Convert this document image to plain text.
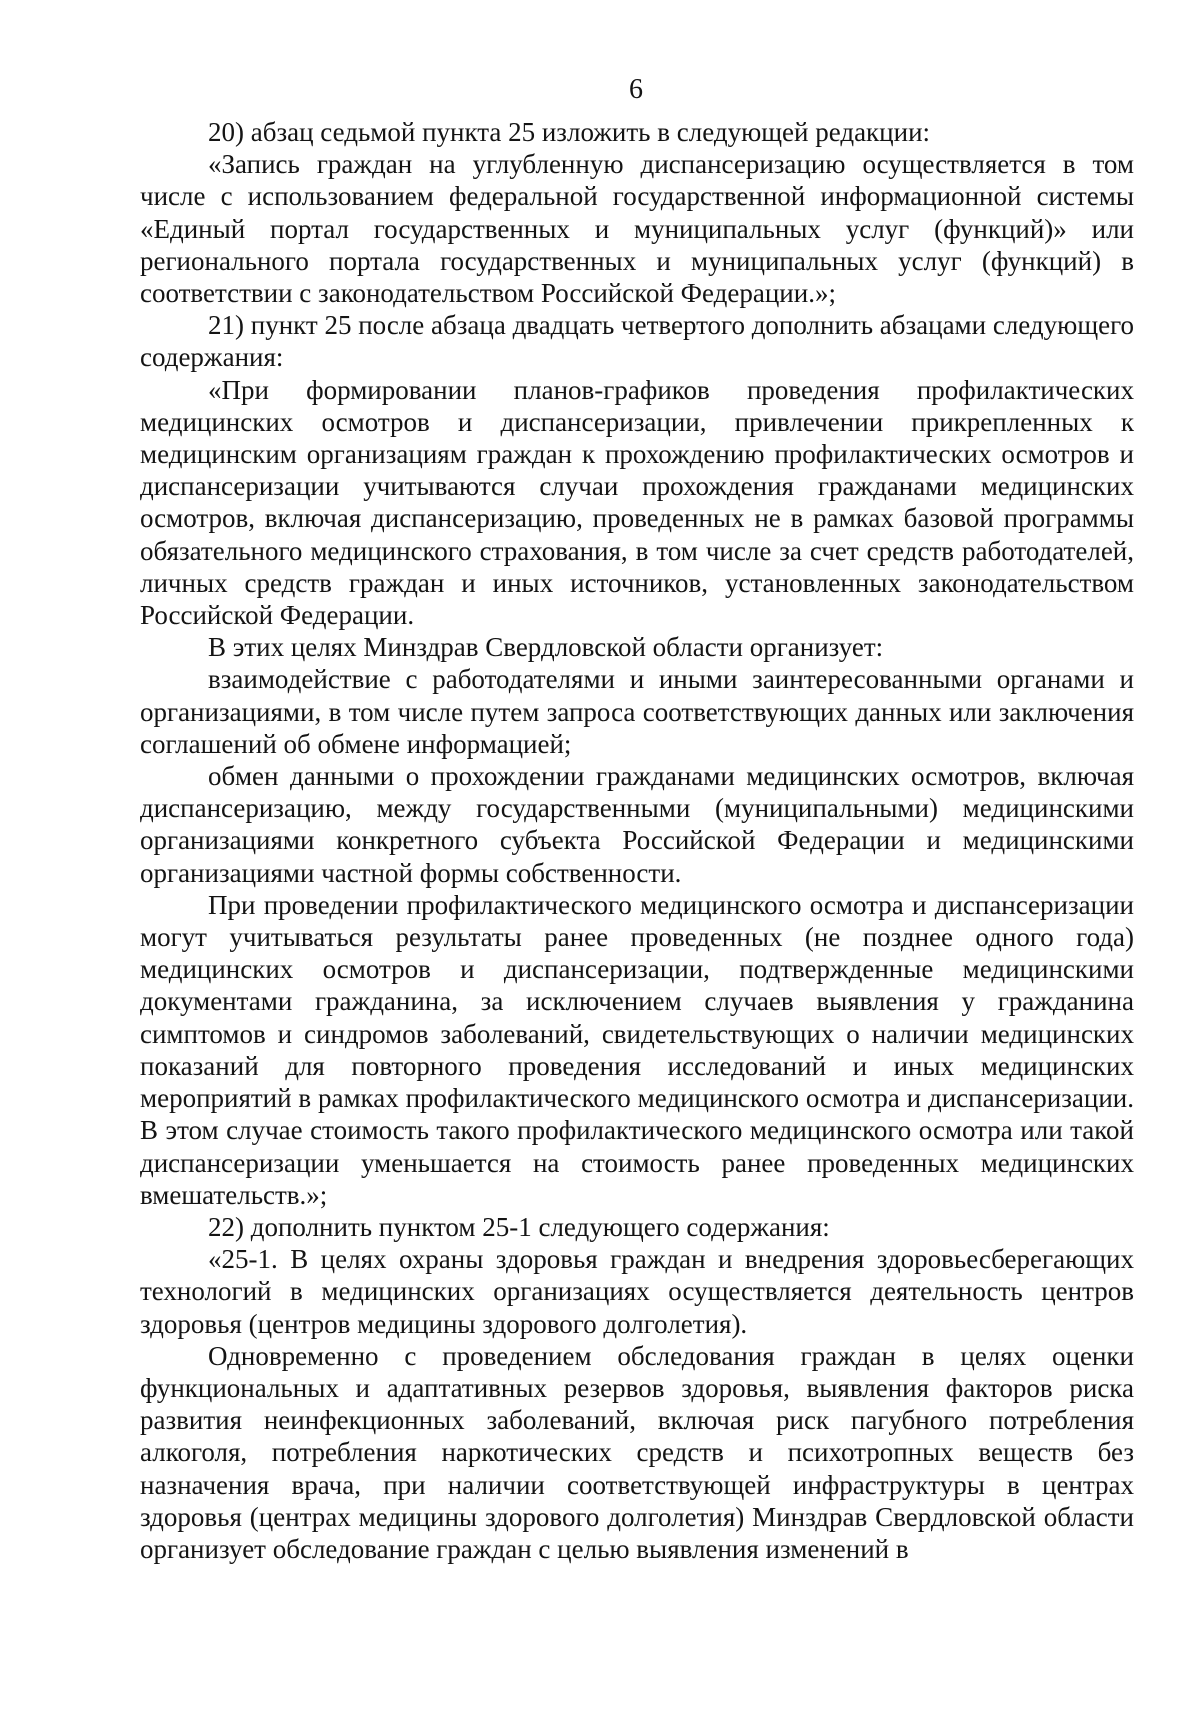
6

20) абзац седьмой пункта 25 изложить в следующей редакции:

«Запись граждан на углубленную диспансеризацию осуществляется в том числе с использованием федеральной государственной информационной системы «Единый портал государственных и муниципальных услуг (функций)» или регионального портала государственных и муниципальных услуг (функций) в соответствии с законодательством Российской Федерации.»;

21) пункт 25 после абзаца двадцать четвертого дополнить абзацами следующего содержания:

«При формировании планов-графиков проведения профилактических медицинских осмотров и диспансеризации, привлечении прикрепленных к медицинским организациям граждан к прохождению профилактических осмотров и диспансеризации учитываются случаи прохождения гражданами медицинских осмотров, включая диспансеризацию, проведенных не в рамках базовой программы обязательного медицинского страхования, в том числе за счет средств работодателей, личных средств граждан и иных источников, установленных законодательством Российской Федерации.

В этих целях Минздрав Свердловской области организует:

взаимодействие с работодателями и иными заинтересованными органами и организациями, в том числе путем запроса соответствующих данных или заключения соглашений об обмене информацией;

обмен данными о прохождении гражданами медицинских осмотров, включая диспансеризацию, между государственными (муниципальными) медицинскими организациями конкретного субъекта Российской Федерации и медицинскими организациями частной формы собственности.

При проведении профилактического медицинского осмотра и диспансеризации могут учитываться результаты ранее проведенных (не позднее одного года) медицинских осмотров и диспансеризации, подтвержденные медицинскими документами гражданина, за исключением случаев выявления у гражданина симптомов и синдромов заболеваний, свидетельствующих о наличии медицинских показаний для повторного проведения исследований и иных медицинских мероприятий в рамках профилактического медицинского осмотра и диспансеризации. В этом случае стоимость такого профилактического медицинского осмотра или такой диспансеризации уменьшается на стоимость ранее проведенных медицинских вмешательств.»;

22) дополнить пунктом 25-1 следующего содержания:

«25-1. В целях охраны здоровья граждан и внедрения здоровьесберегающих технологий в медицинских организациях осуществляется деятельность центров здоровья (центров медицины здорового долголетия).

Одновременно с проведением обследования граждан в целях оценки функциональных и адаптативных резервов здоровья, выявления факторов риска развития неинфекционных заболеваний, включая риск пагубного потребления алкоголя, потребления наркотических средств и психотропных веществ без назначения врача, при наличии соответствующей инфраструктуры в центрах здоровья (центрах медицины здорового долголетия) Минздрав Свердловской области организует обследование граждан с целью выявления изменений в
